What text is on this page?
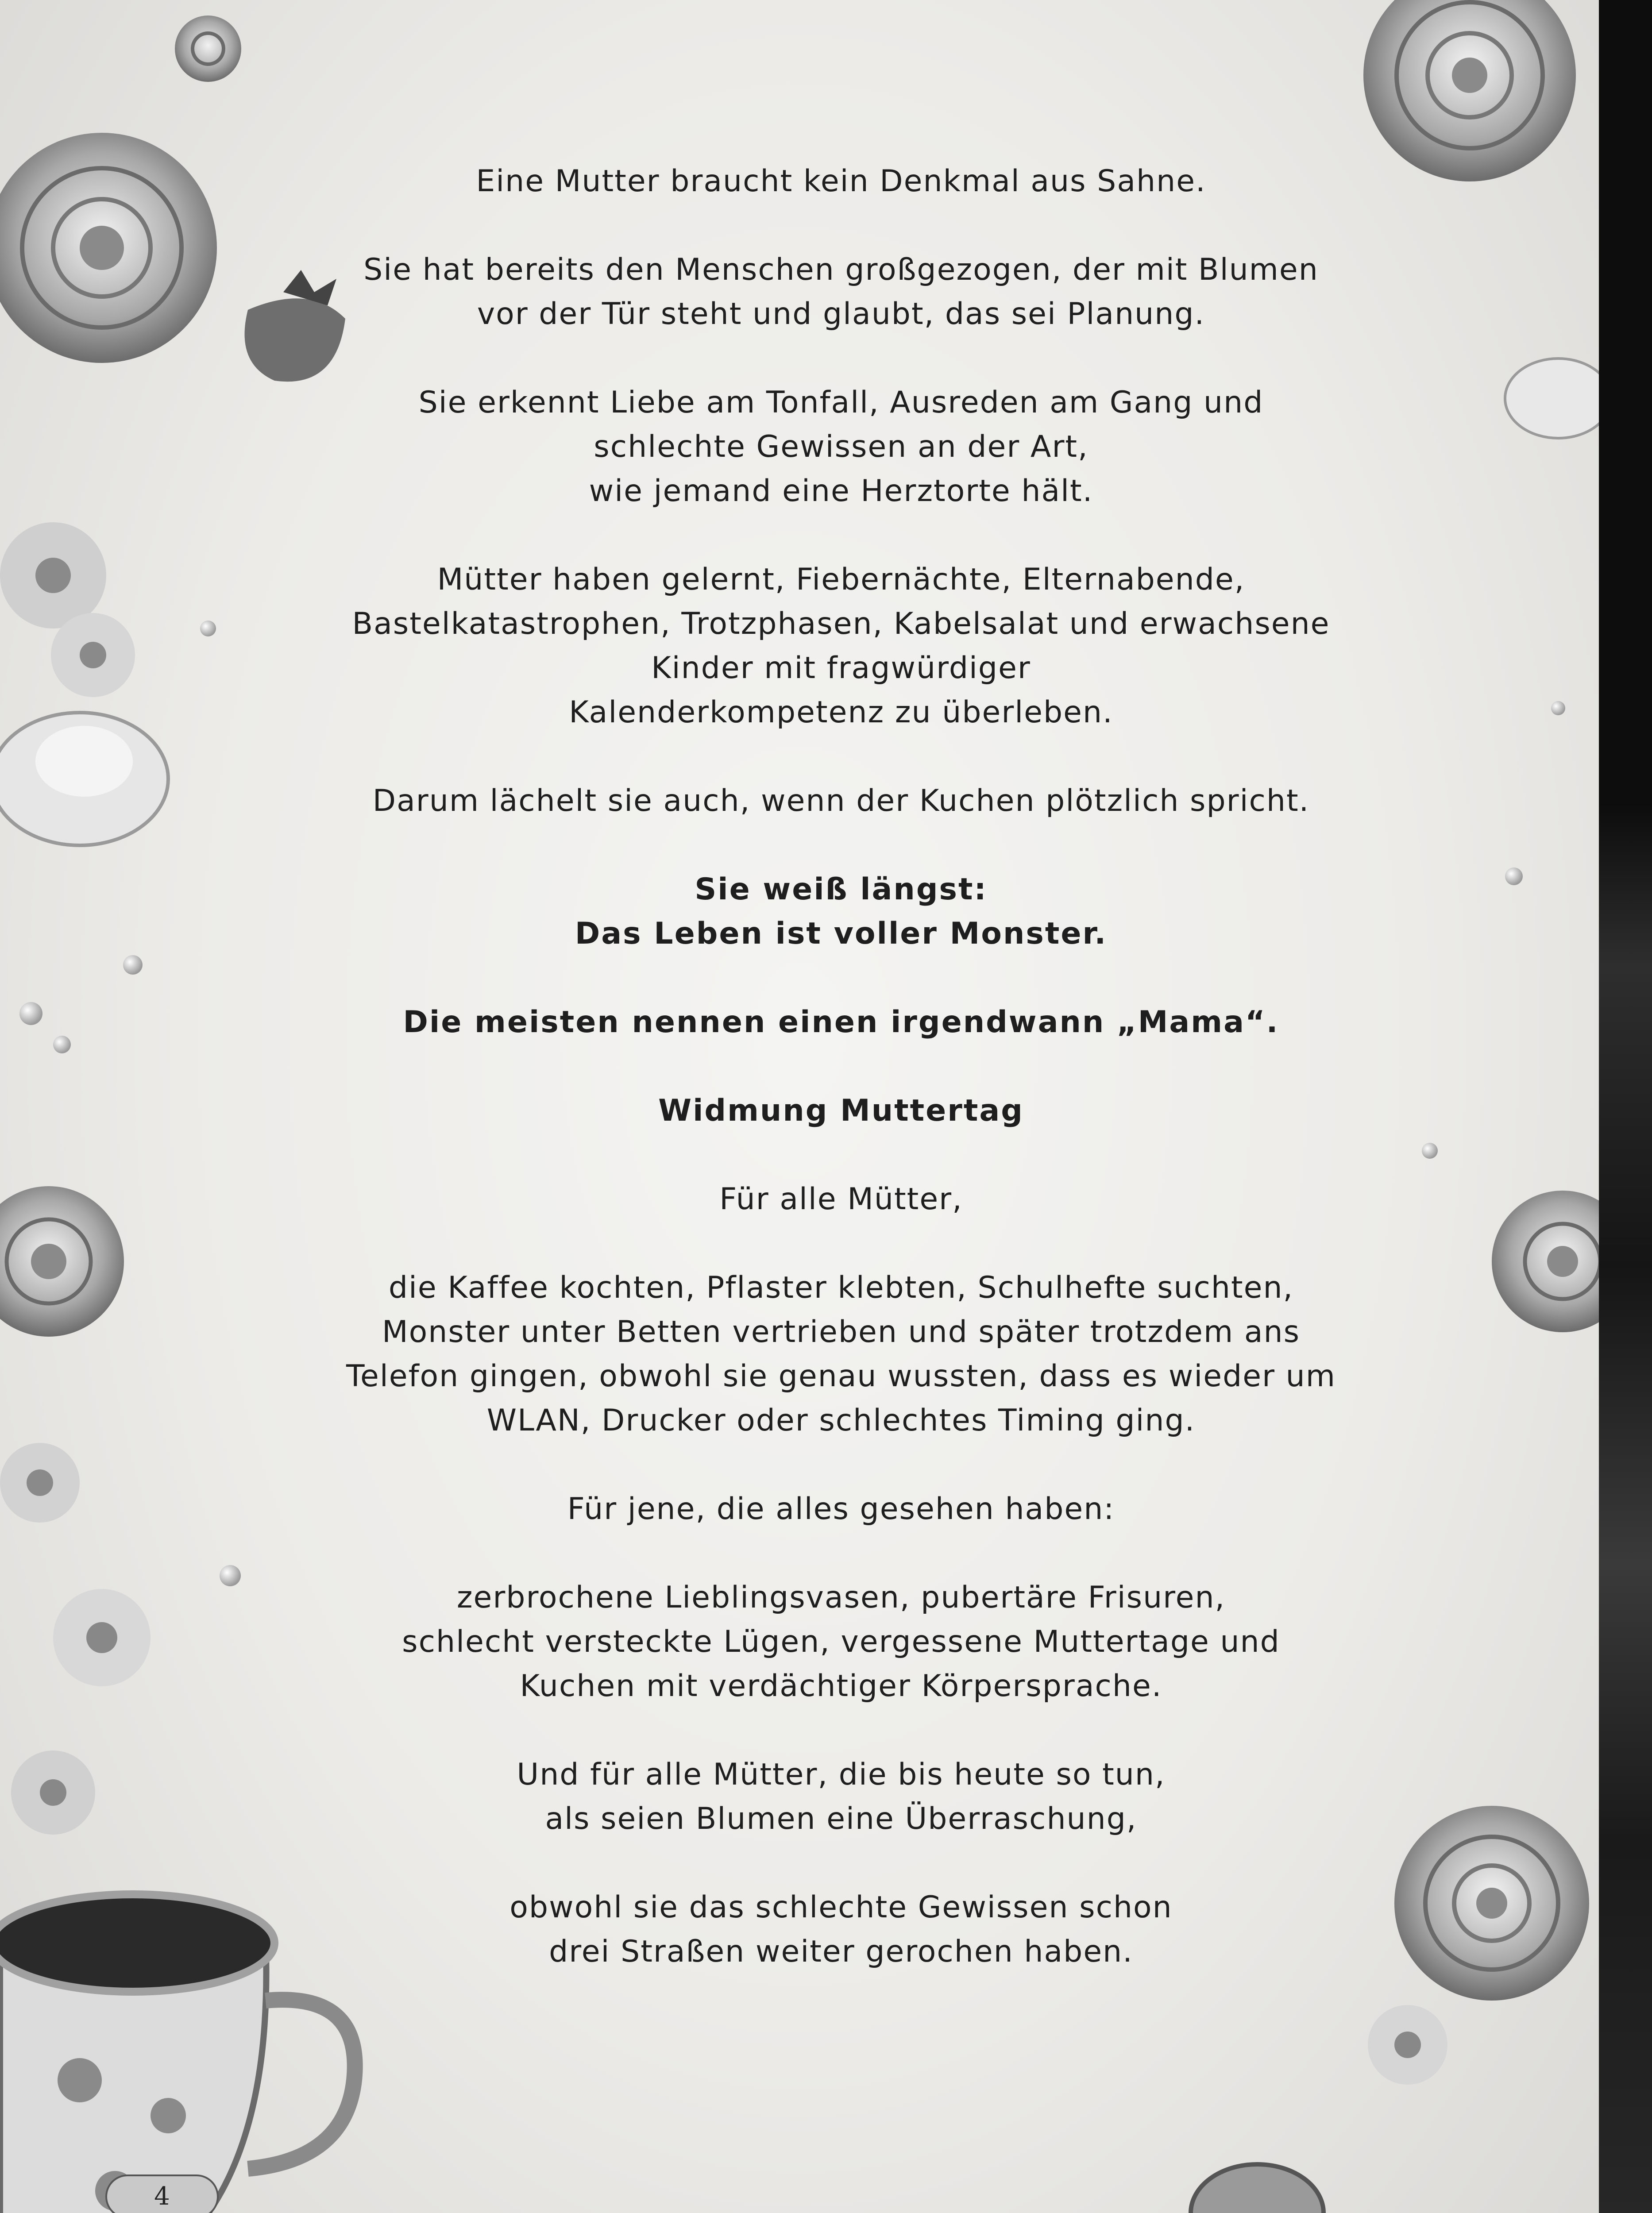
Eine Mutter braucht kein Denkmal aus Sahne.

Sie hat bereits den Menschen großgezogen, der mit Blumen

vor der Tür steht und glaubt, das sei Planung.

Sie erkennt Liebe am Tonfall, Ausreden am Gang und

schlechte Gewissen an der Art,

wie jemand eine Herztorte hält.

Mütter haben gelernt, Fiebernächte, Elternabende,

Bastelkatastrophen, Trotzphasen, Kabelsalat und erwachsene

Kinder mit fragwürdiger

Kalenderkompetenz zu überleben.

Darum lächelt sie auch, wenn der Kuchen plötzlich spricht.

Sie weiß längst:

Das Leben ist voller Monster.

Die meisten nennen einen irgendwann „Mama“.

Widmung Muttertag

Für alle Mütter,

die Kaffee kochten, Pflaster klebten, Schulhefte suchten,

Monster unter Betten vertrieben und später trotzdem ans

Telefon gingen, obwohl sie genau wussten, dass es wieder um

WLAN, Drucker oder schlechtes Timing ging.

Für jene, die alles gesehen haben:

zerbrochene Lieblingsvasen, pubertäre Frisuren,

schlecht versteckte Lügen, vergessene Muttertage und

Kuchen mit verdächtiger Körpersprache.

Und für alle Mütter, die bis heute so tun,

als seien Blumen eine Überraschung,

obwohl sie das schlechte Gewissen schon

drei Straßen weiter gerochen haben.

4
